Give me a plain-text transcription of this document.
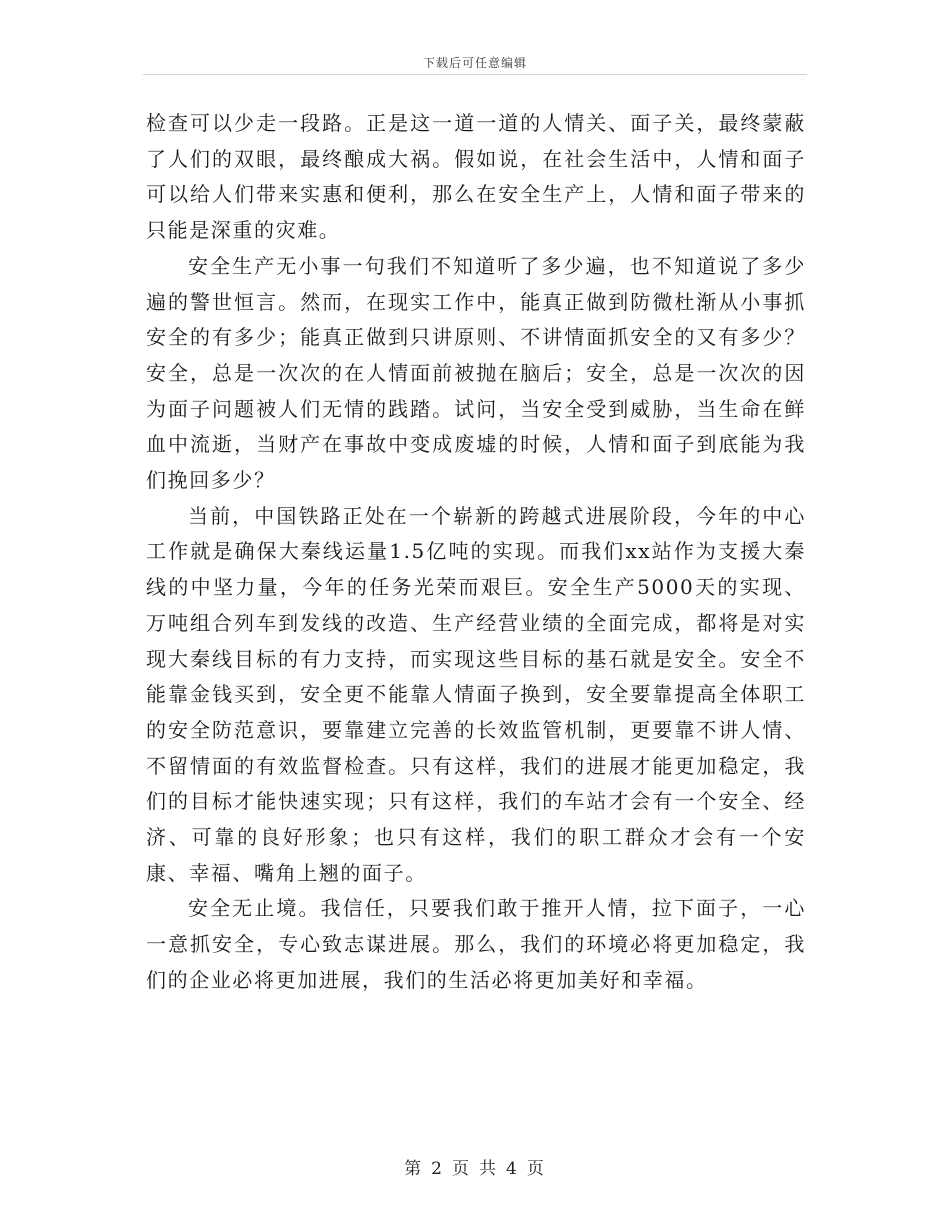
下载后可任意编辑

检查可以少走一段路。正是这一道一道的人情关、面子关，最终蒙蔽了人们的双眼，最终酿成大祸。假如说，在社会生活中，人情和面子可以给人们带来实惠和便利，那么在安全生产上，人情和面子带来的只能是深重的灾难。

安全生产无小事一句我们不知道听了多少遍，也不知道说了多少遍的警世恒言。然而，在现实工作中，能真正做到防微杜渐从小事抓安全的有多少；能真正做到只讲原则、不讲情面抓安全的又有多少？安全，总是一次次的在人情面前被抛在脑后；安全，总是一次次的因为面子问题被人们无情的践踏。试问，当安全受到威胁，当生命在鲜血中流逝，当财产在事故中变成废墟的时候，人情和面子到底能为我们挽回多少？

当前，中国铁路正处在一个崭新的跨越式进展阶段，今年的中心工作就是确保大秦线运量1.5亿吨的实现。而我们xx站作为支援大秦线的中坚力量，今年的任务光荣而艰巨。安全生产5000天的实现、万吨组合列车到发线的改造、生产经营业绩的全面完成，都将是对实现大秦线目标的有力支持，而实现这些目标的基石就是安全。安全不能靠金钱买到，安全更不能靠人情面子换到，安全要靠提高全体职工的安全防范意识，要靠建立完善的长效监管机制，更要靠不讲人情、不留情面的有效监督检查。只有这样，我们的进展才能更加稳定，我们的目标才能快速实现；只有这样，我们的车站才会有一个安全、经济、可靠的良好形象；也只有这样，我们的职工群众才会有一个安康、幸福、嘴角上翘的面子。

安全无止境。我信任，只要我们敢于推开人情，拉下面子，一心一意抓安全，专心致志谋进展。那么，我们的环境必将更加稳定，我们的企业必将更加进展，我们的生活必将更加美好和幸福。

第 2 页 共 4 页
